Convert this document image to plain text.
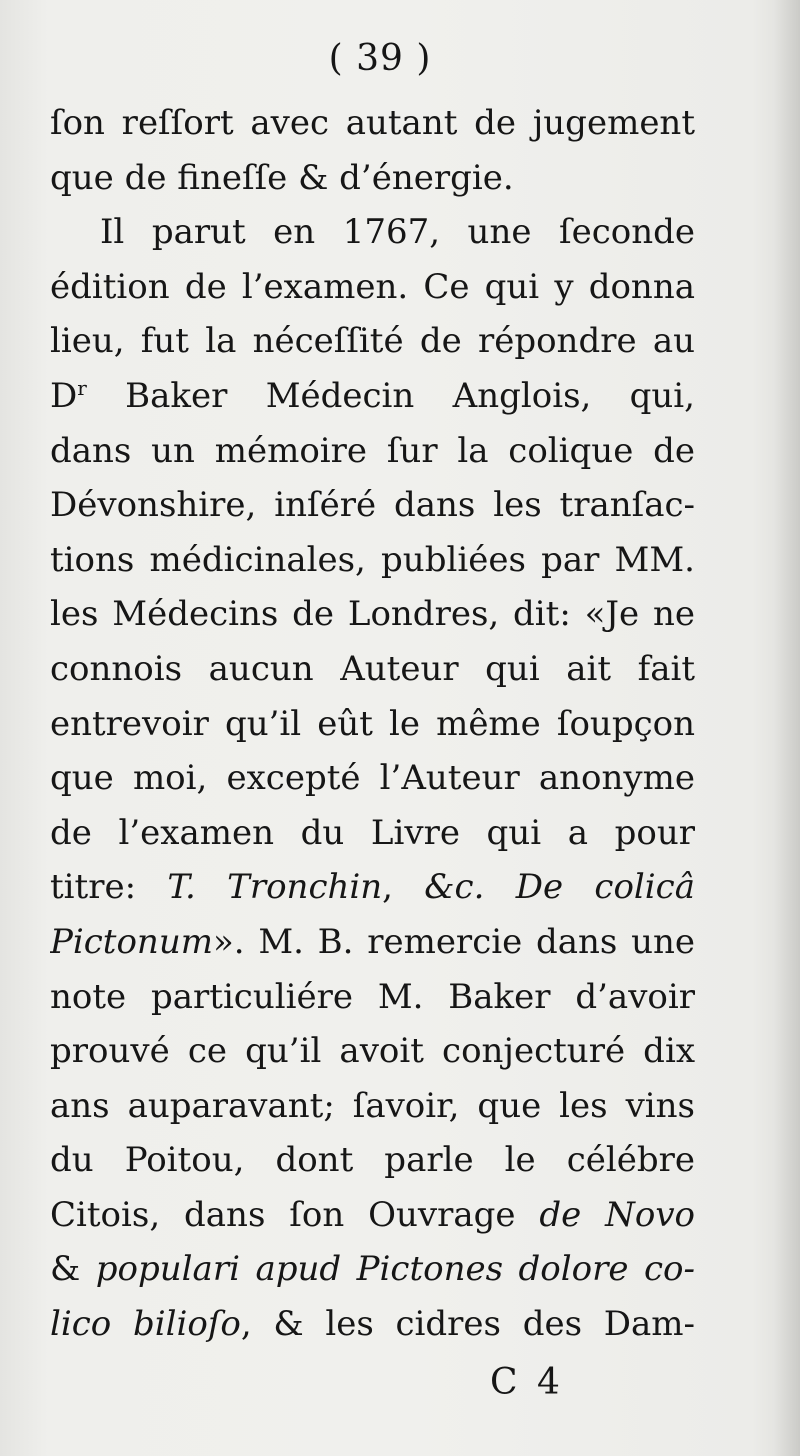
( 39 )
ſon reſſort avec autant de jugement
que de fineſſe & d’énergie.
Il parut en 1767, une ſeconde
édition de l’examen. Ce qui y donna
lieu, fut la néceſſité de répondre au
$D^r$ Baker Médecin Anglois, qui,
dans un mémoire ſur la colique de
Dévonshire, inſéré dans les tranſac-
tions médicinales, publiées par MM.
les Médecins de Londres, dit: «Je ne
connois aucun Auteur qui ait fait
entrevoir qu’il eût le même ſoupçon
que moi, excepté l’Auteur anonyme
de l’examen du Livre qui a pour
titre: T. Tronchin, &c. De colicâ
Pictonum». M. B. remercie dans une
note particuliére M. Baker d’avoir
prouvé ce qu’il avoit conjecturé dix
ans auparavant; ſavoir, que les vins
du Poitou, dont parle le célébre
Citois, dans ſon Ouvrage de Novo
& populari apud Pictones dolore co-
lico bilioſo, & les cidres des Dam-
C 4
